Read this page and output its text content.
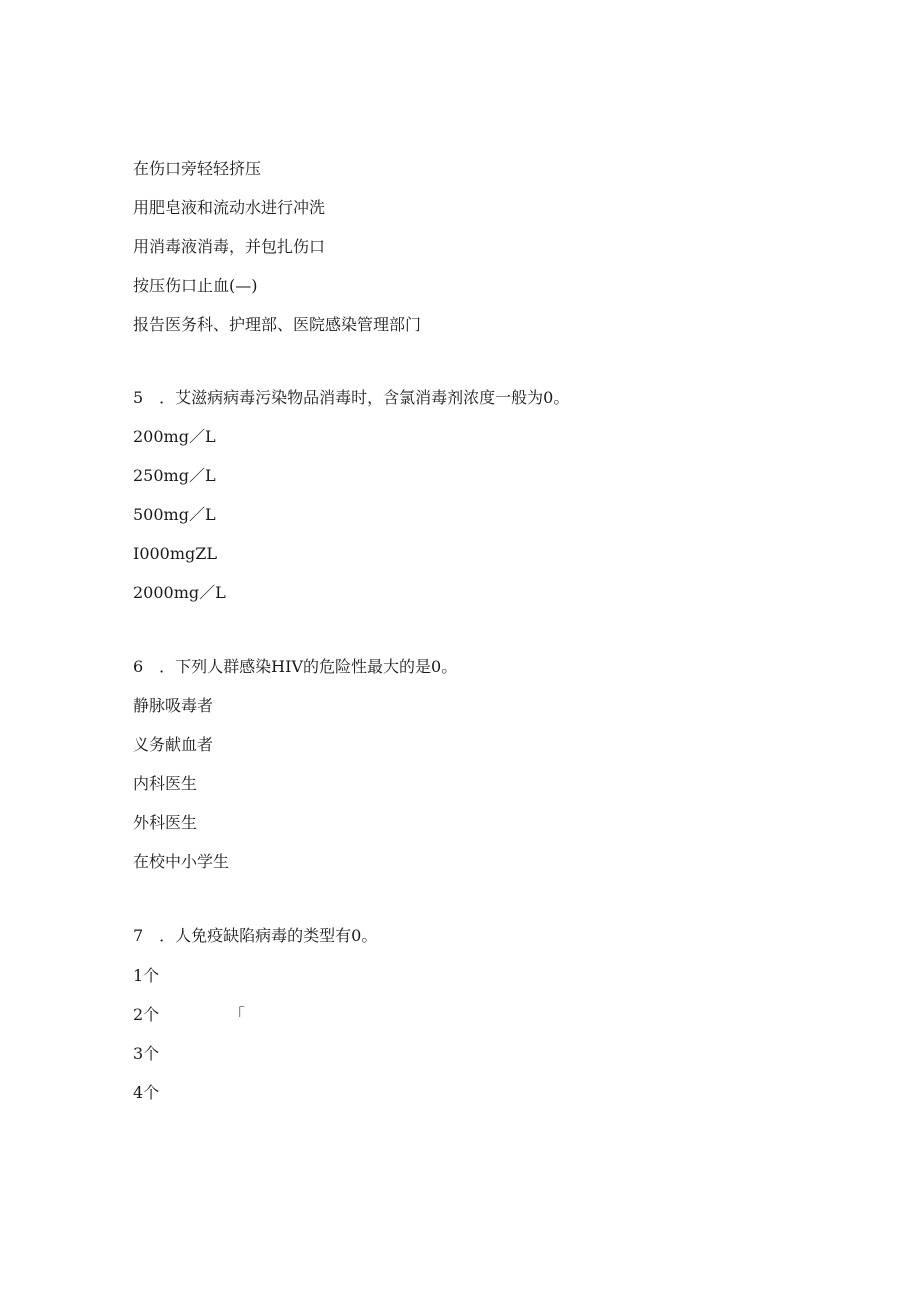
在伤口旁轻轻挤压
用肥皂液和流动水进行冲洗
用消毒液消毒，并包扎伤口
按压伤口止血(—)
报告医务科、护理部、医院感染管理部门
5　．艾滋病病毒污染物品消毒时，含氯消毒剂浓度一般为0。
200mg／L
250mg／L
500mg／L
I000mgZL
2000mg／L
6　．下列人群感染HIV的危险性最大的是0。
静脉吸毒者
义务献血者
内科医生
外科医生
在校中小学生
7　．人免疫缺陷病毒的类型有0。
1个
2个	「
3个
4个
